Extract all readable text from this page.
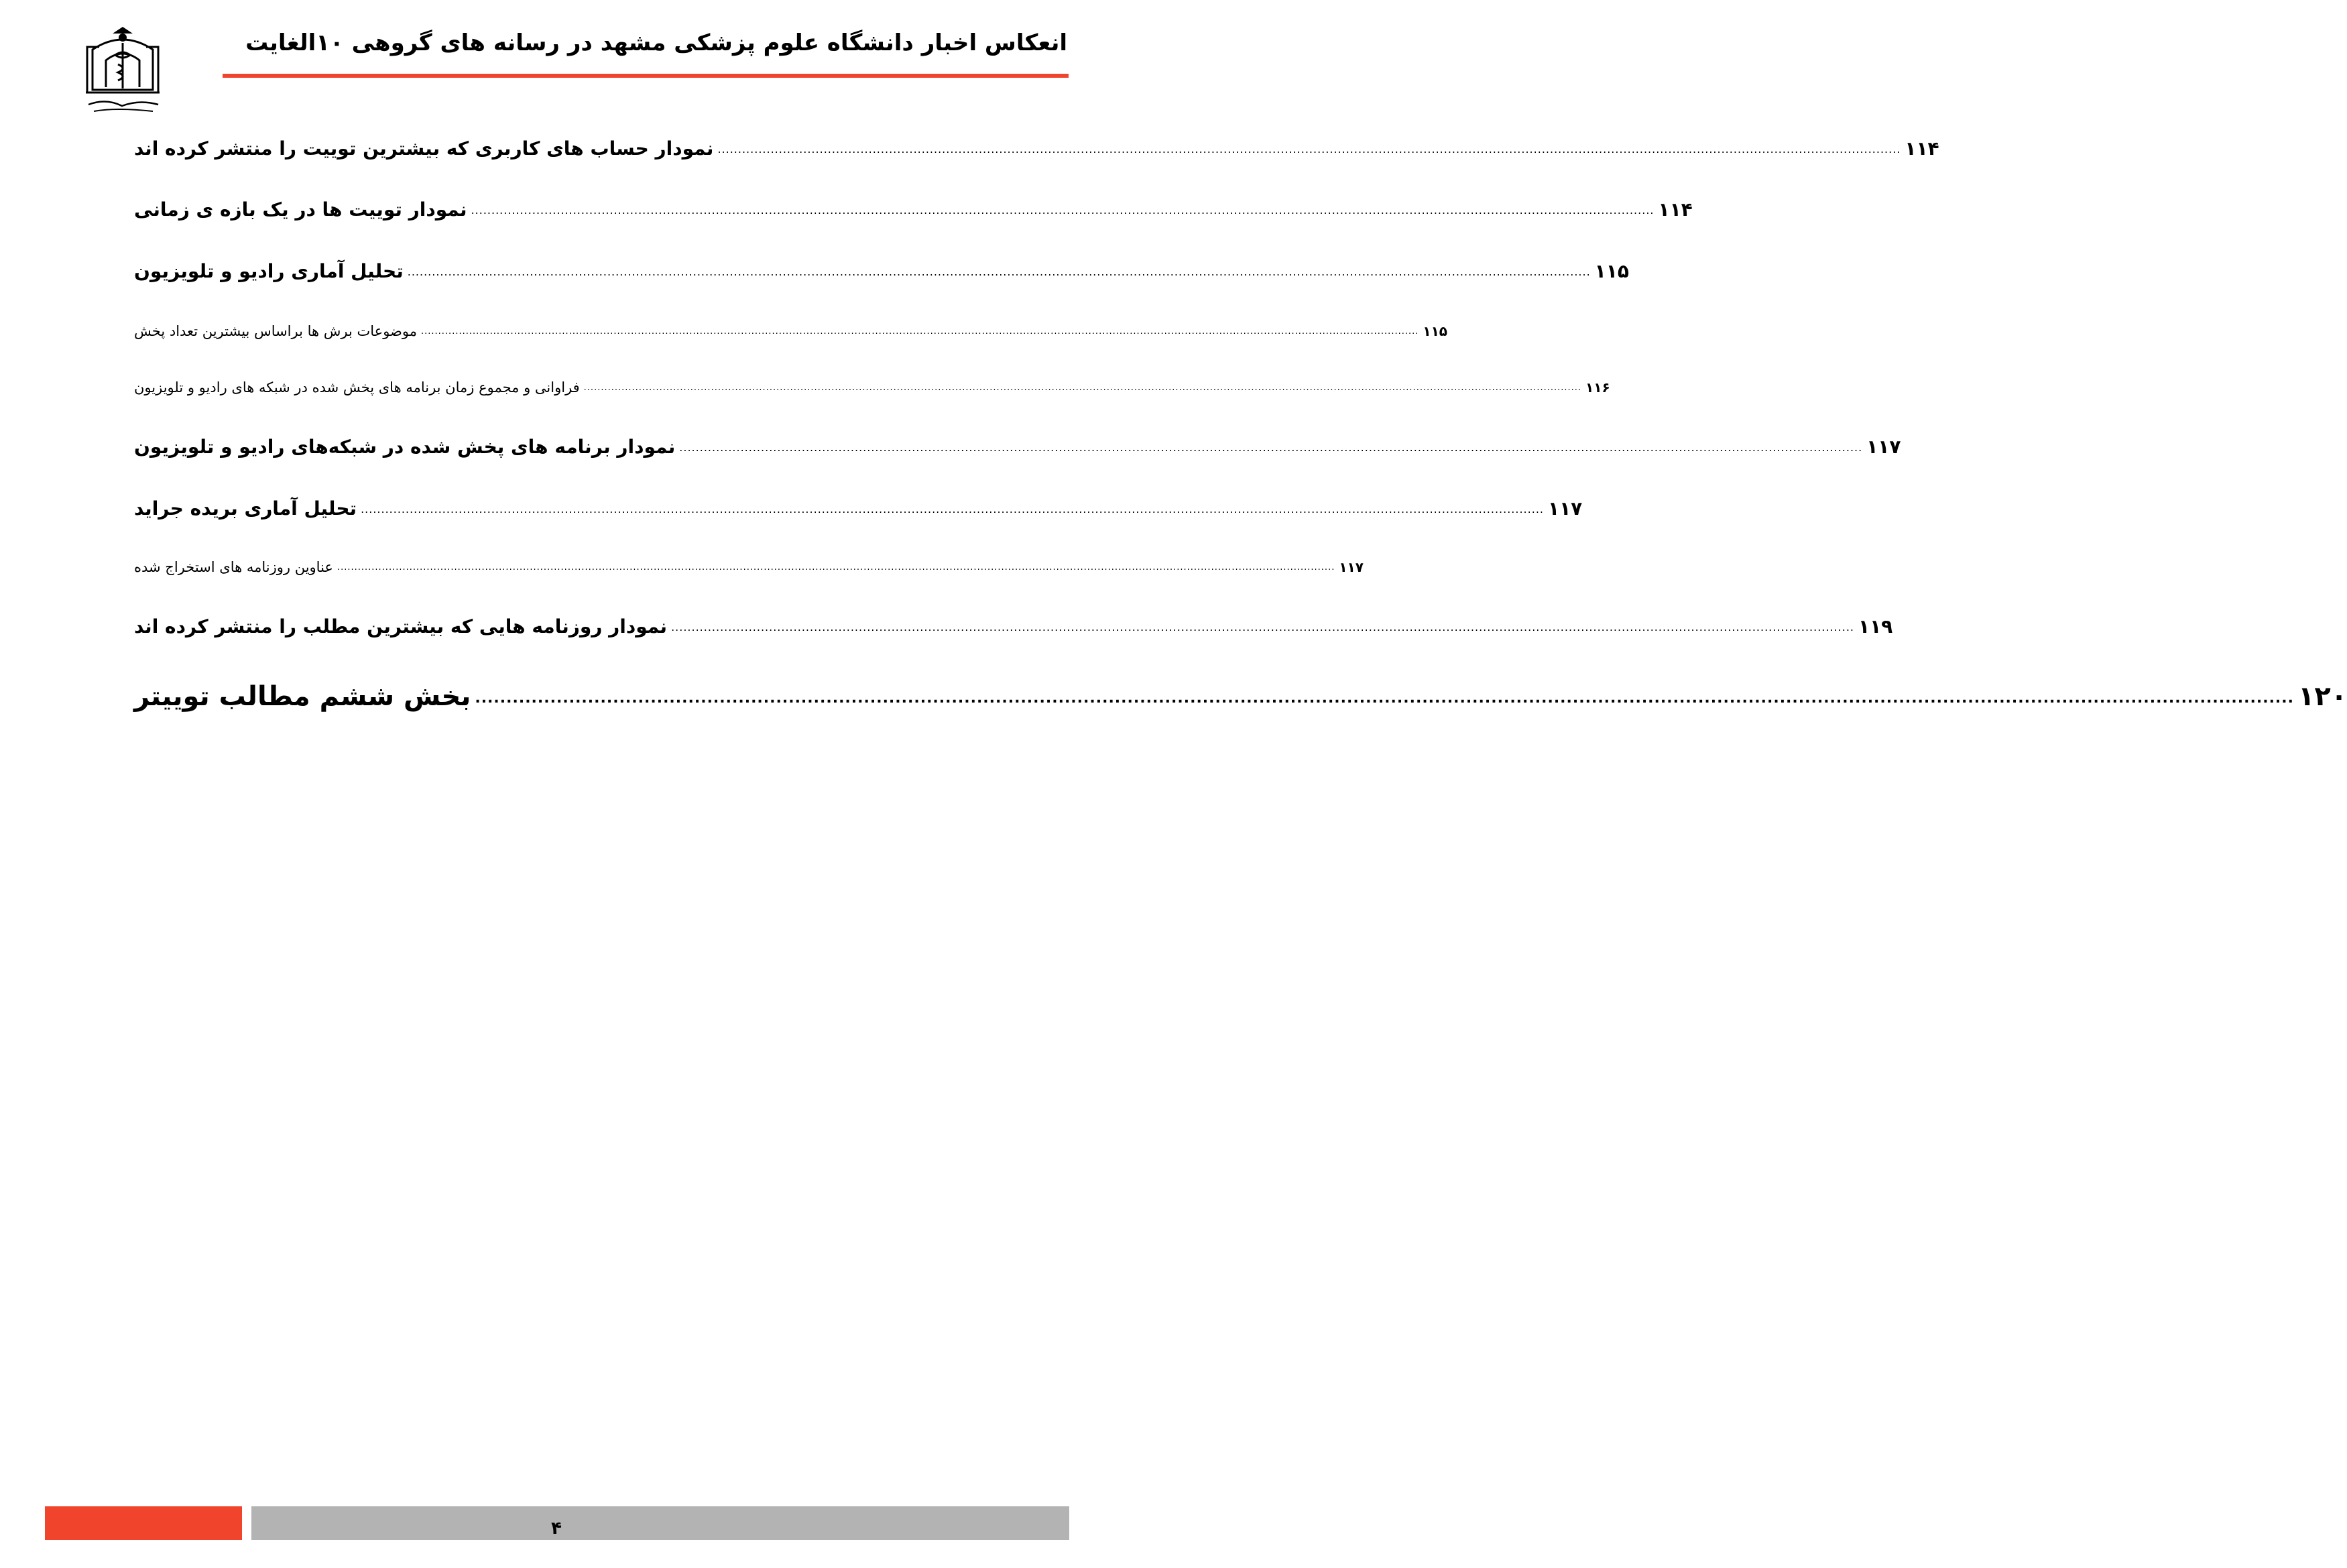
انعکاس اخبار دانشگاه علوم پزشکی مشهد در رسانه های گروهی ۱۰الغایت
نمودار حساب های کاربری که بیشترین توییت را منتشر کرده اند .................................................................................................................................................................................................................................................................................................. ۱۱۴
نمودار توییت ها در یک بازه ی زمانی .................................................................................................................................................................................................................................................................................................. ۱۱۴
تحلیل آماری رادیو و تلویزیون .................................................................................................................................................................................................................................................................................................. ۱۱۵
موضوعات برش ها براساس بیشترین تعداد پخش .................................................................................................................................................................................................................................................................................................. ۱۱۵
فراوانی و مجموع زمان برنامه های پخش شده در شبکه های رادیو و تلویزیون .................................................................................................................................................................................................................................................................................................. ۱۱۶
نمودار برنامه های پخش شده در شبکه‌های رادیو و تلویزیون .................................................................................................................................................................................................................................................................................................. ۱۱۷
تحلیل آماری بریده جراید .................................................................................................................................................................................................................................................................................................. ۱۱۷
عناوین روزنامه های استخراج شده .................................................................................................................................................................................................................................................................................................. ۱۱۷
نمودار روزنامه هایی که بیشترین مطلب را منتشر کرده اند .................................................................................................................................................................................................................................................................................................. ۱۱۹
بخش ششم مطالب توییتر .................................................................................................................................................................................................................................................................................................. ۱۲۰
۴
